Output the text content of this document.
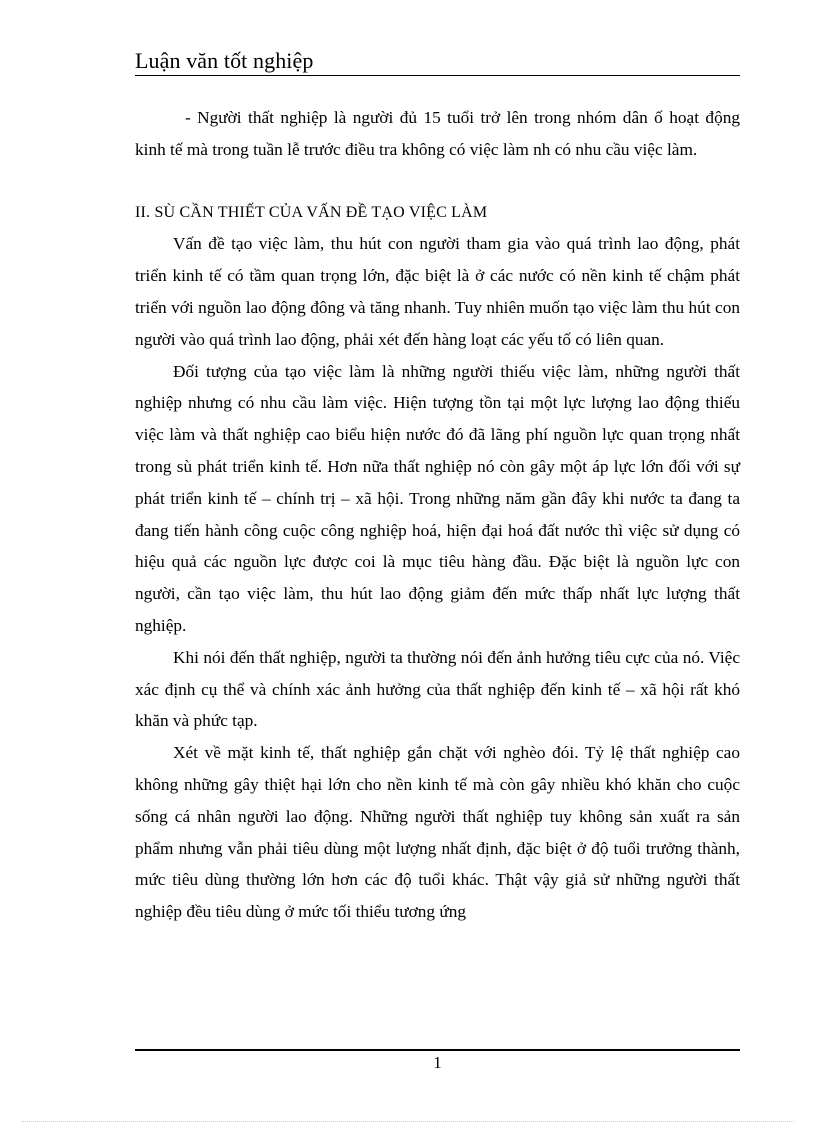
Luận văn tốt nghiệp

- Người thất nghiệp là người đủ 15 tuổi trở lên trong nhóm dân ố hoạt động kinh tế mà trong tuần lễ trước điều tra không có việc làm nh có nhu cầu việc làm.

II. SÙ CẦN THIẾT CỦA VẤN ĐỀ TẠO VIỆC LÀM

Vấn đề tạo việc làm, thu hút con người tham gia vào quá trình lao động, phát triển kinh tế có tầm quan trọng lớn, đặc biệt là ở các nước có nền kinh tế chậm phát triển với nguồn lao động đông và tăng nhanh. Tuy nhiên muốn tạo việc làm thu hút con người vào quá trình lao động, phải xét đến hàng loạt các yếu tố có liên quan.

Đối tượng của tạo việc làm là những người thiếu việc làm, những người thất nghiệp nhưng có nhu cầu làm việc. Hiện tượng tồn tại một lực lượng lao động thiếu việc làm và thất nghiệp cao biểu hiện nước đó đã lãng phí nguồn lực quan trọng nhất trong sù phát triển kinh tế. Hơn nữa thất nghiệp nó còn gây một áp lực lớn đối với sự phát triển kinh tế – chính trị – xã hội. Trong những năm gần đây khi nước ta đang ta đang tiến hành công cuộc công nghiệp hoá, hiện đại hoá đất nước thì việc sử dụng có hiệu quả các nguồn lực được coi là mục tiêu hàng đầu. Đặc biệt là nguồn lực con người, cần tạo việc làm, thu hút lao động giảm đến mức thấp nhất lực lượng thất nghiệp.

Khi nói đến thất nghiệp, người ta thường nói đến ảnh hưởng tiêu cực của nó. Việc xác định cụ thể và chính xác ảnh hưởng của thất nghiệp đến kinh tế – xã hội rất khó khăn và phức tạp.

Xét về mặt kinh tế, thất nghiệp gắn chặt với nghèo đói. Tỷ lệ thất nghiệp cao không những gây thiệt hại lớn cho nền kinh tế mà còn gây nhiều khó khăn cho cuộc sống cá nhân người lao động. Những người thất nghiệp tuy không sản xuất ra sản phẩm nhưng vẫn phải tiêu dùng một lượng nhất định, đặc biệt ở độ tuổi trưởng thành, mức tiêu dùng thường lớn hơn các độ tuổi khác. Thật vậy giả sử những người thất nghiệp đều tiêu dùng ở mức tối thiểu tương ứng

1
